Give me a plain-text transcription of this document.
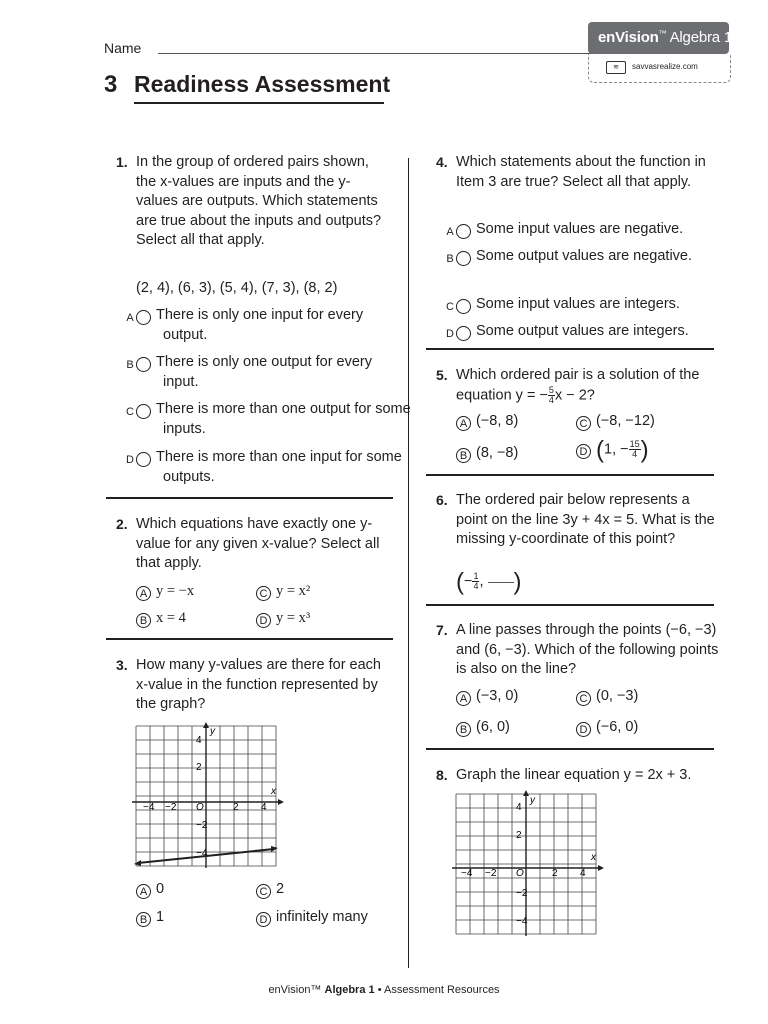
Name
enVision™ Algebra 1
≋	savvasrealize.com
3 Readiness Assessment
1. In the group of ordered pairs shown, the x-values are inputs and the y-values are outputs. Which statements are true about the inputs and outputs? Select all that apply.
(2, 4), (6, 3), (5, 4), (7, 3), (8, 2)
A There is only one input for every output.
B There is only one output for every input.
C There is more than one output for some inputs.
D There is more than one input for some outputs.
2. Which equations have exactly one y-value for any given x-value? Select all that apply.
A y = −x
B x = 4
C y = x²
D y = x³
3. How many y-values are there for each x-value in the function represented by the graph?
x
y
O
−4 −2	2 4
4
2
−2
−4
A 0
B 1
C 2
D infinitely many
4. Which statements about the function in Item 3 are true? Select all that apply.
A Some input values are negative.
B Some output values are negative.
C Some input values are integers.
D Some output values are integers.
5. Which ordered pair is a solution of the equation y = − $\frac{5}{4}$ x − 2?
A (−8, 8)
B (8, −8)
C (−8, −12)
D (1, − $\frac{15}{4}$ )
6. The ordered pair below represents a point on the line 3y + 4x = 5. What is the missing y-coordinate of this point?
(− $\frac{1}{4}$ , )
7. A line passes through the points (−6, −3) and (6, −3). Which of the following points is also on the line?
A (−3, 0)
B (6, 0)
C (0, −3)
D (−6, 0)
8. Graph the linear equation y = 2x + 3.
x
y
O
−4 −2	2 4
4
2
−2
−4
enVision™ Algebra 1 • Assessment Resources
